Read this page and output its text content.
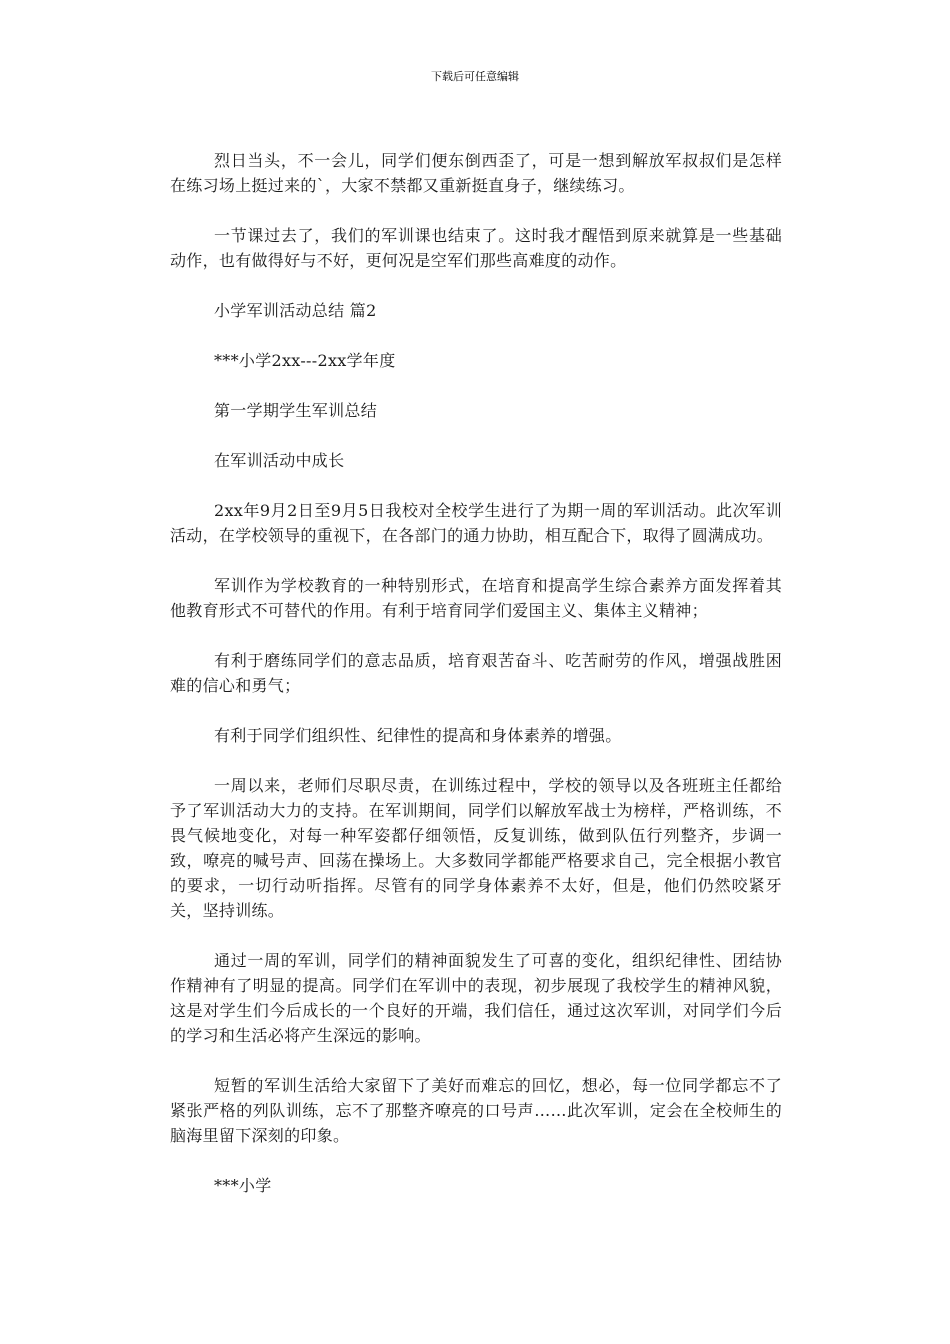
下载后可任意编辑

烈日当头，不一会儿，同学们便东倒西歪了，可是一想到解放军叔叔们是怎样在练习场上挺过来的`，大家不禁都又重新挺直身子，继续练习。

一节课过去了，我们的军训课也结束了。这时我才醒悟到原来就算是一些基础动作，也有做得好与不好，更何况是空军们那些高难度的动作。

小学军训活动总结 篇2

***小学2xx---2xx学年度

第一学期学生军训总结

在军训活动中成长

2xx年9月2日至9月5日我校对全校学生进行了为期一周的军训活动。此次军训活动，在学校领导的重视下，在各部门的通力协助，相互配合下，取得了圆满成功。

军训作为学校教育的一种特别形式，在培育和提高学生综合素养方面发挥着其他教育形式不可替代的作用。有利于培育同学们爱国主义、集体主义精神；

有利于磨练同学们的意志品质，培育艰苦奋斗、吃苦耐劳的作风，增强战胜困难的信心和勇气；

有利于同学们组织性、纪律性的提高和身体素养的增强。

一周以来，老师们尽职尽责，在训练过程中，学校的领导以及各班班主任都给予了军训活动大力的支持。在军训期间，同学们以解放军战士为榜样，严格训练，不畏气候地变化，对每一种军姿都仔细领悟，反复训练，做到队伍行列整齐，步调一致，嘹亮的喊号声、回荡在操场上。大多数同学都能严格要求自己，完全根据小教官的要求，一切行动听指挥。尽管有的同学身体素养不太好，但是，他们仍然咬紧牙关，坚持训练。

通过一周的军训，同学们的精神面貌发生了可喜的变化，组织纪律性、团结协作精神有了明显的提高。同学们在军训中的表现，初步展现了我校学生的精神风貌，这是对学生们今后成长的一个良好的开端，我们信任，通过这次军训，对同学们今后的学习和生活必将产生深远的影响。

短暂的军训生活给大家留下了美好而难忘的回忆，想必，每一位同学都忘不了紧张严格的列队训练，忘不了那整齐嘹亮的口号声……此次军训，定会在全校师生的脑海里留下深刻的印象。

***小学
